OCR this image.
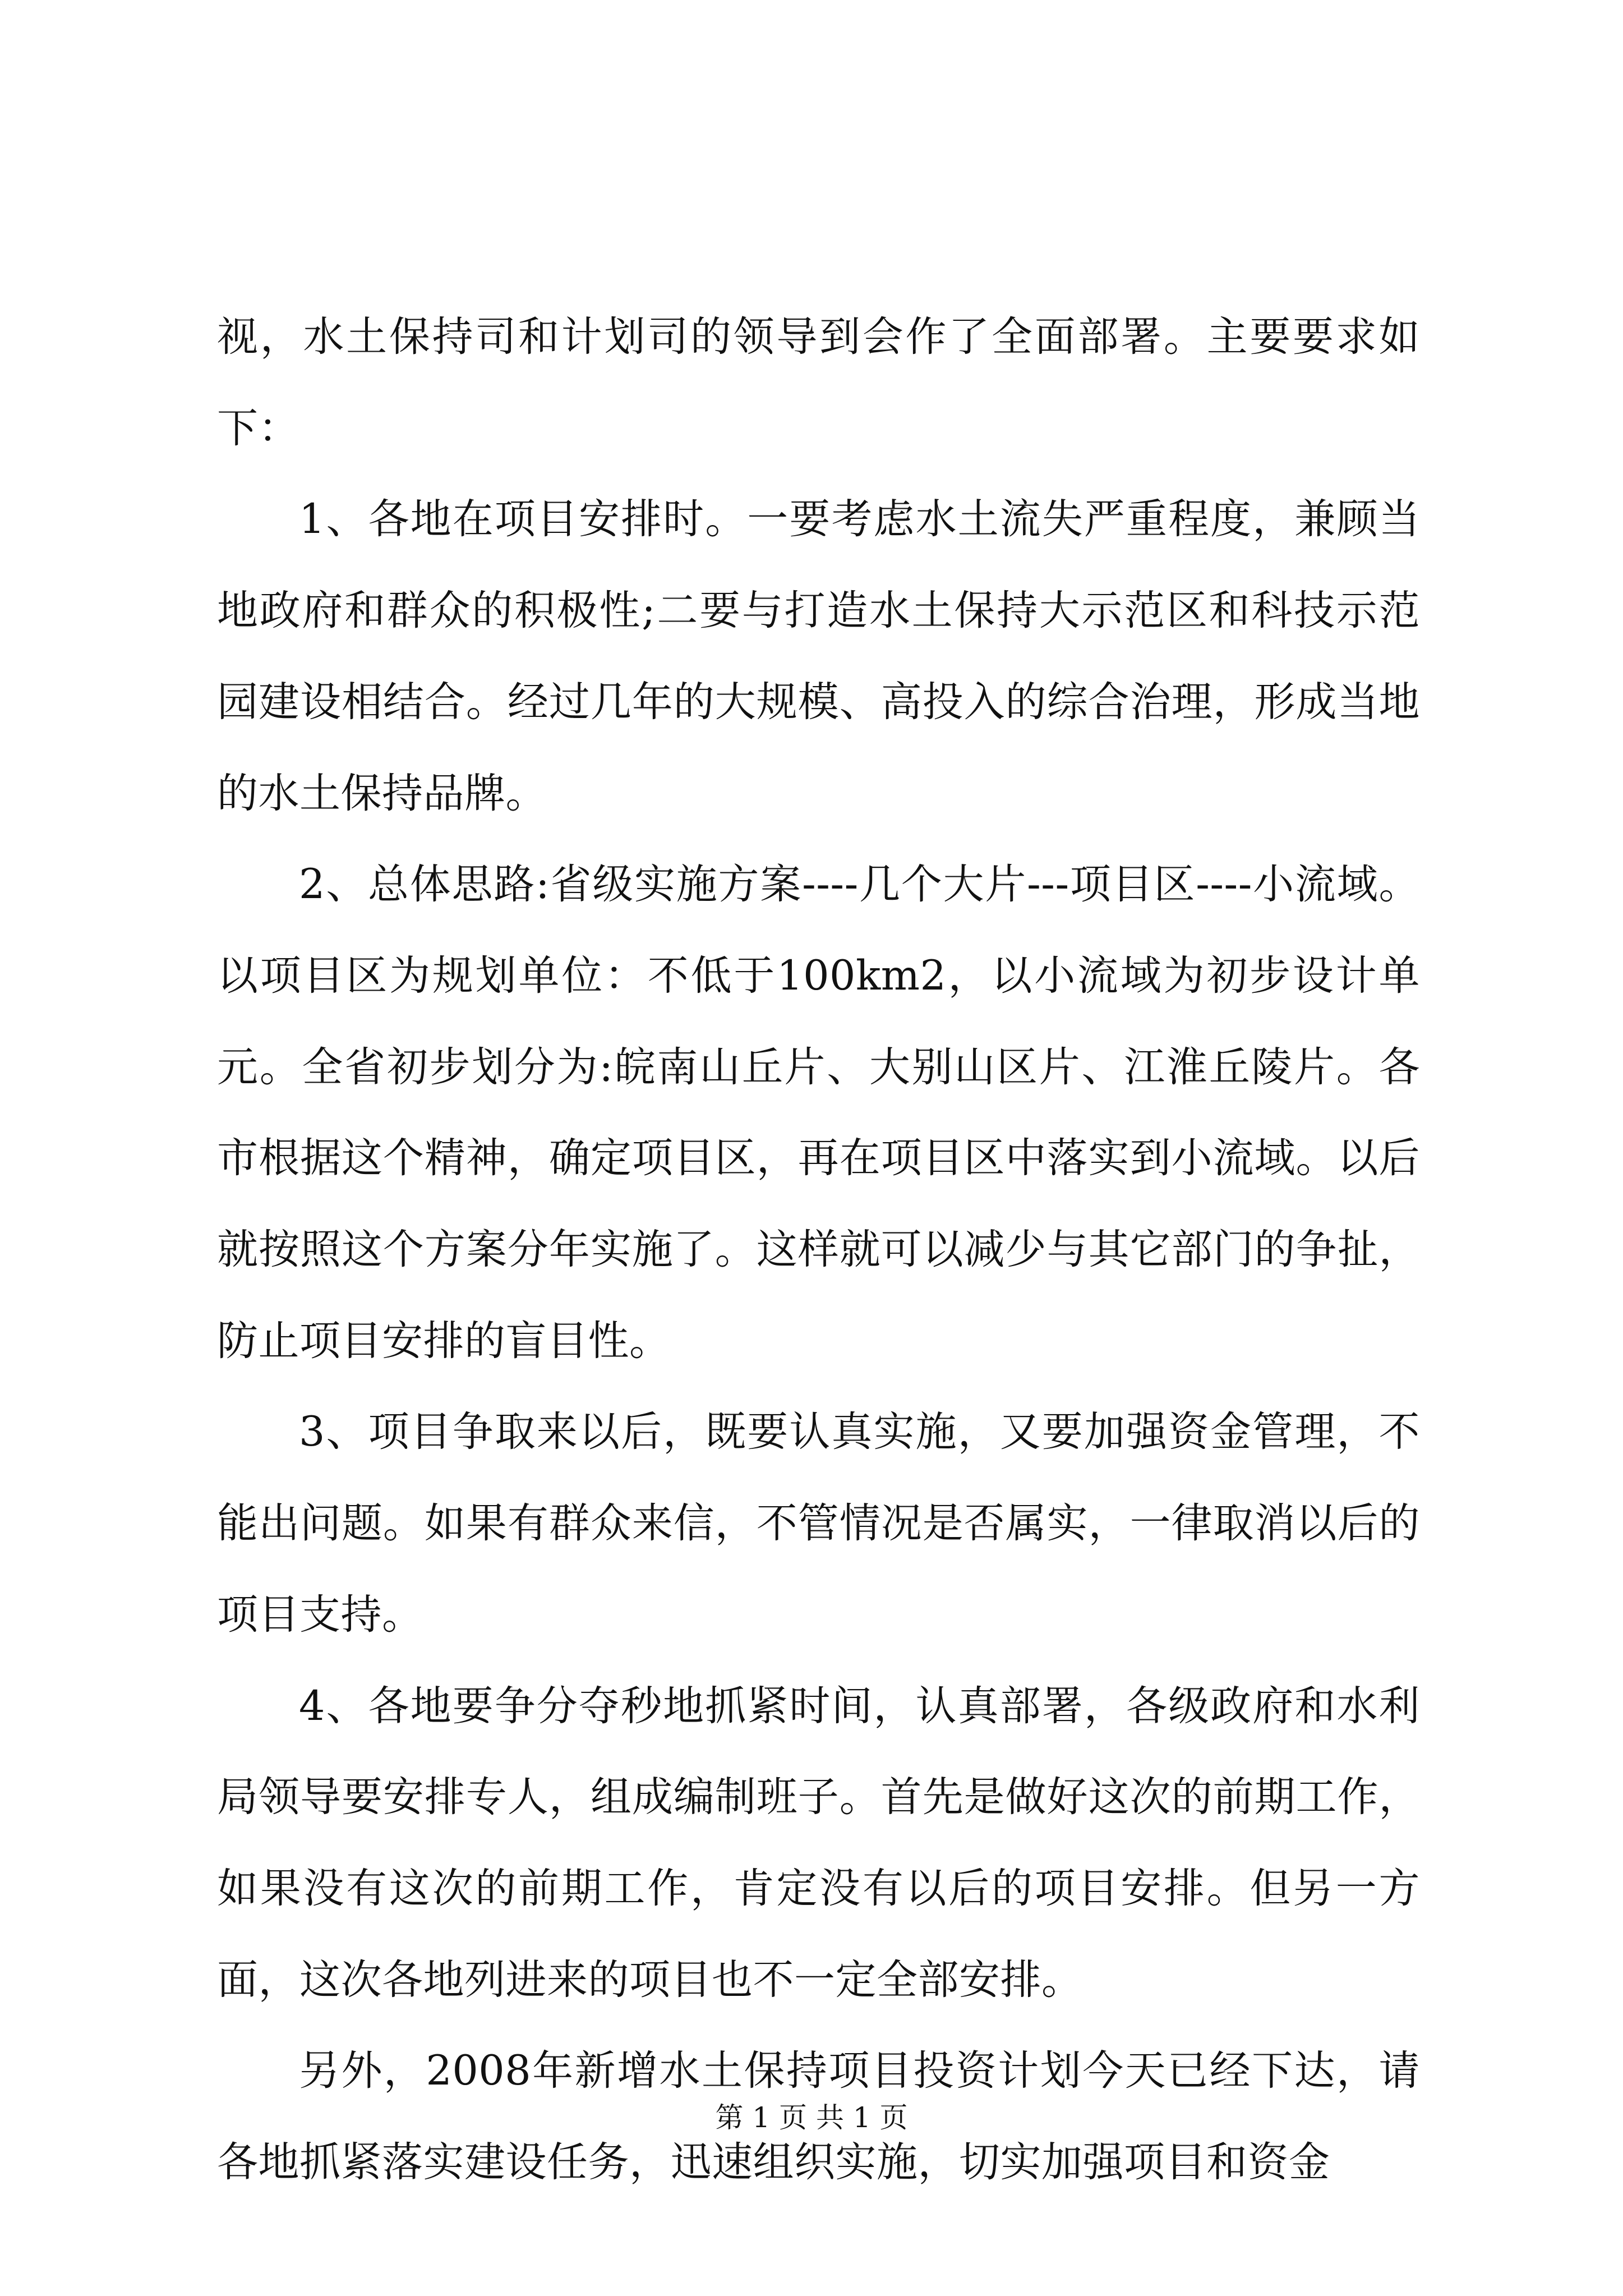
视，水土保持司和计划司的领导到会作了全面部署。主要要求如下：

1、各地在项目安排时。一要考虑水土流失严重程度，兼顾当地政府和群众的积极性;二要与打造水土保持大示范区和科技示范园建设相结合。经过几年的大规模、高投入的综合治理，形成当地的水土保持品牌。

2、总体思路:省级实施方案----几个大片---项目区----小流域。以项目区为规划单位：不低于100km2，以小流域为初步设计单元。全省初步划分为:皖南山丘片、大别山区片、江淮丘陵片。各市根据这个精神，确定项目区，再在项目区中落实到小流域。以后就按照这个方案分年实施了。这样就可以减少与其它部门的争扯，防止项目安排的盲目性。

3、项目争取来以后，既要认真实施，又要加强资金管理，不能出问题。如果有群众来信，不管情况是否属实，一律取消以后的项目支持。

4、各地要争分夺秒地抓紧时间，认真部署，各级政府和水利局领导要安排专人，组成编制班子。首先是做好这次的前期工作，如果没有这次的前期工作，肯定没有以后的项目安排。但另一方面，这次各地列进来的项目也不一定全部安排。

另外，2008年新增水土保持项目投资计划今天已经下达，请各地抓紧落实建设任务，迅速组织实施，切实加强项目和资金

第 1 页 共 1 页
